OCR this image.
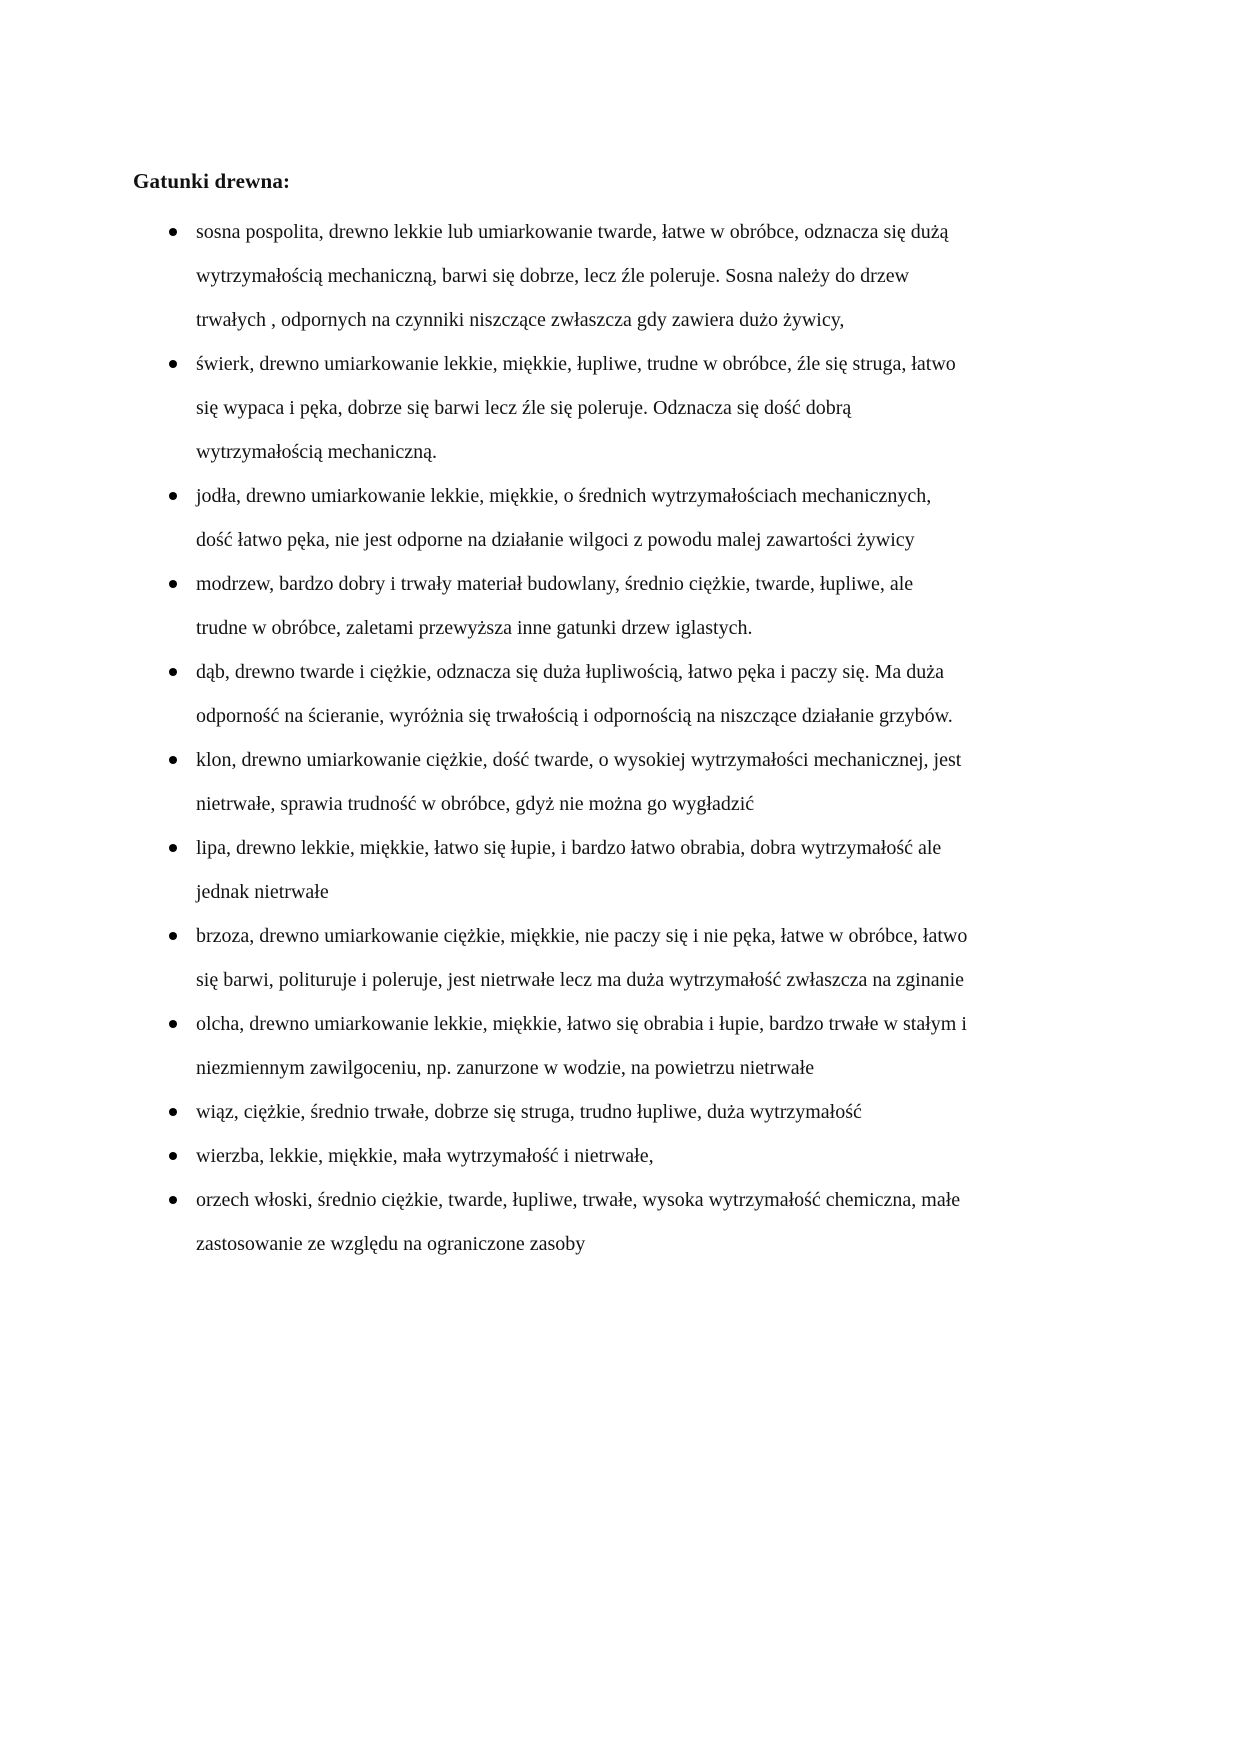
Gatunki drewna:
sosna pospolita, drewno lekkie lub umiarkowanie twarde, łatwe w obróbce, odznacza się dużą wytrzymałością mechaniczną, barwi się dobrze, lecz źle poleruje. Sosna należy do drzew trwałych , odpornych na czynniki niszczące zwłaszcza gdy zawiera dużo żywicy,
świerk, drewno umiarkowanie lekkie, miękkie, łupliwe, trudne w obróbce, źle się struga, łatwo się wypaca i pęka, dobrze się barwi lecz źle się poleruje. Odznacza się dość dobrą wytrzymałością mechaniczną.
jodła, drewno umiarkowanie lekkie, miękkie, o średnich wytrzymałościach mechanicznych, dość łatwo pęka, nie jest odporne na działanie wilgoci z powodu malej zawartości żywicy
modrzew, bardzo dobry i trwały materiał budowlany, średnio ciężkie, twarde, łupliwe, ale trudne w obróbce, zaletami przewyższa inne gatunki drzew iglastych.
dąb, drewno twarde i ciężkie, odznacza się duża łupliwością, łatwo pęka i paczy się. Ma duża odporność na ścieranie, wyróżnia się trwałością i odpornością na niszczące działanie grzybów.
klon, drewno umiarkowanie ciężkie, dość twarde, o wysokiej wytrzymałości mechanicznej, jest nietrwałe, sprawia trudność w obróbce, gdyż nie można go wygładzić
lipa, drewno lekkie, miękkie, łatwo się łupie, i bardzo łatwo obrabia, dobra wytrzymałość ale jednak nietrwałe
brzoza, drewno umiarkowanie ciężkie, miękkie, nie paczy się i nie pęka, łatwe w obróbce, łatwo się barwi, polituruje i poleruje, jest nietrwałe lecz ma duża wytrzymałość zwłaszcza na zginanie
olcha, drewno umiarkowanie lekkie, miękkie, łatwo się obrabia i łupie, bardzo trwałe w stałym i niezmiennym zawilgoceniu, np. zanurzone w wodzie, na powietrzu nietrwałe
wiąz, ciężkie, średnio trwałe, dobrze się struga, trudno łupliwe, duża wytrzymałość
wierzba, lekkie, miękkie, mała wytrzymałość i nietrwałe,
orzech włoski, średnio ciężkie, twarde, łupliwe, trwałe, wysoka wytrzymałość chemiczna, małe zastosowanie ze względu na ograniczone zasoby
